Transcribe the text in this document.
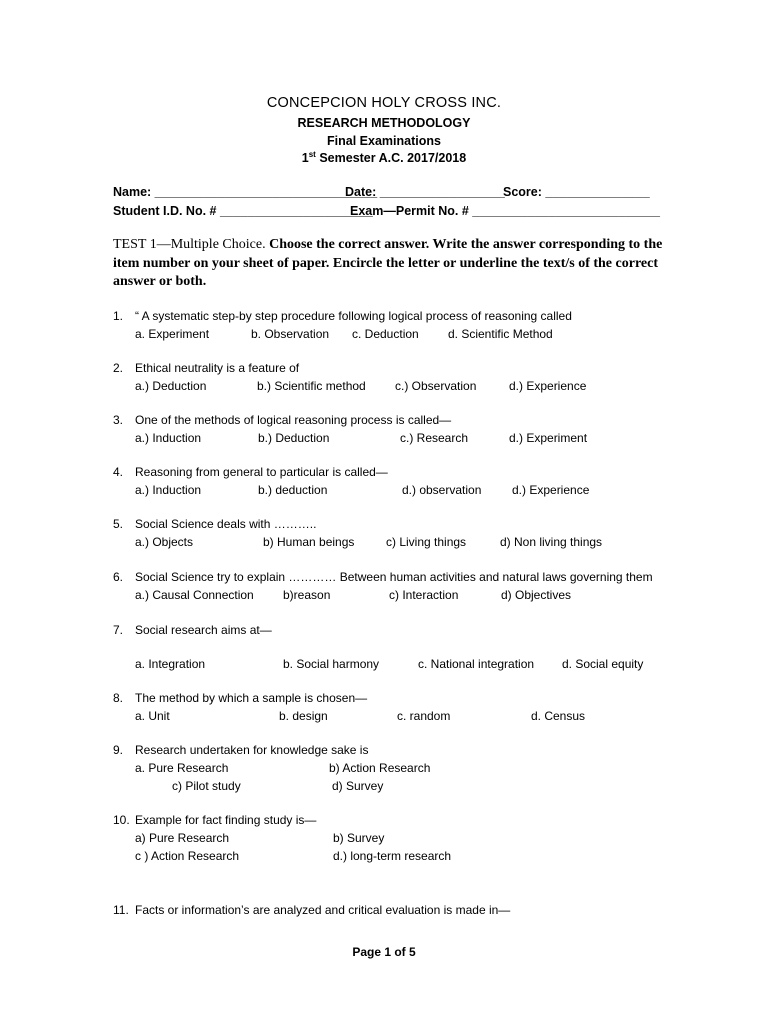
CONCEPCION HOLY CROSS INC.
RESEARCH METHODOLOGY
Final Examinations
1st Semester A.C. 2017/2018
Name: ________________________________
Date: __________________
Score: _______________
Student I.D. No. # ______________________
Exam—Permit No. # ___________________________
TEST 1—Multiple Choice. Choose the correct answer. Write the answer corresponding to the item number on your sheet of paper. Encircle the letter or underline the text/s of the correct answer or both.
1. “ A systematic step-by step procedure following logical process of reasoning called
a. Experiment	b. Observation c. Deduction d. Scientific Method
2. Ethical neutrality is a feature of
a.) Deduction	b.) Scientific method c.) Observation	d.) Experience
3. One of the methods of logical reasoning process is called—
a.) Induction	b.) Deduction	c.) Research	d.) Experiment
4. Reasoning from general to particular is called—
a.) Induction	b.) deduction	d.) observation	d.) Experience
5. Social Science deals with ………..
a.) Objects	b) Human beings	c) Living things	d) Non living things
6. Social Science try to explain ………… Between human activities and natural laws governing them
a.) Causal Connection b)reason	c) Interaction	d) Objectives
7. Social research aims at—
a. Integration	b. Social harmony	c. National integration d. Social equity
8. The method by which a sample is chosen—
a. Unit	b. design	c. random	d. Census
9. Research undertaken for knowledge sake is
a. Pure Research	b) Action Research
c) Pilot study	d) Survey
10. Example for fact finding study is—
a) Pure Research	b) Survey
c ) Action Research	d.) long-term research
11. Facts or information’s are analyzed and critical evaluation is made in—
Page 1 of 5
